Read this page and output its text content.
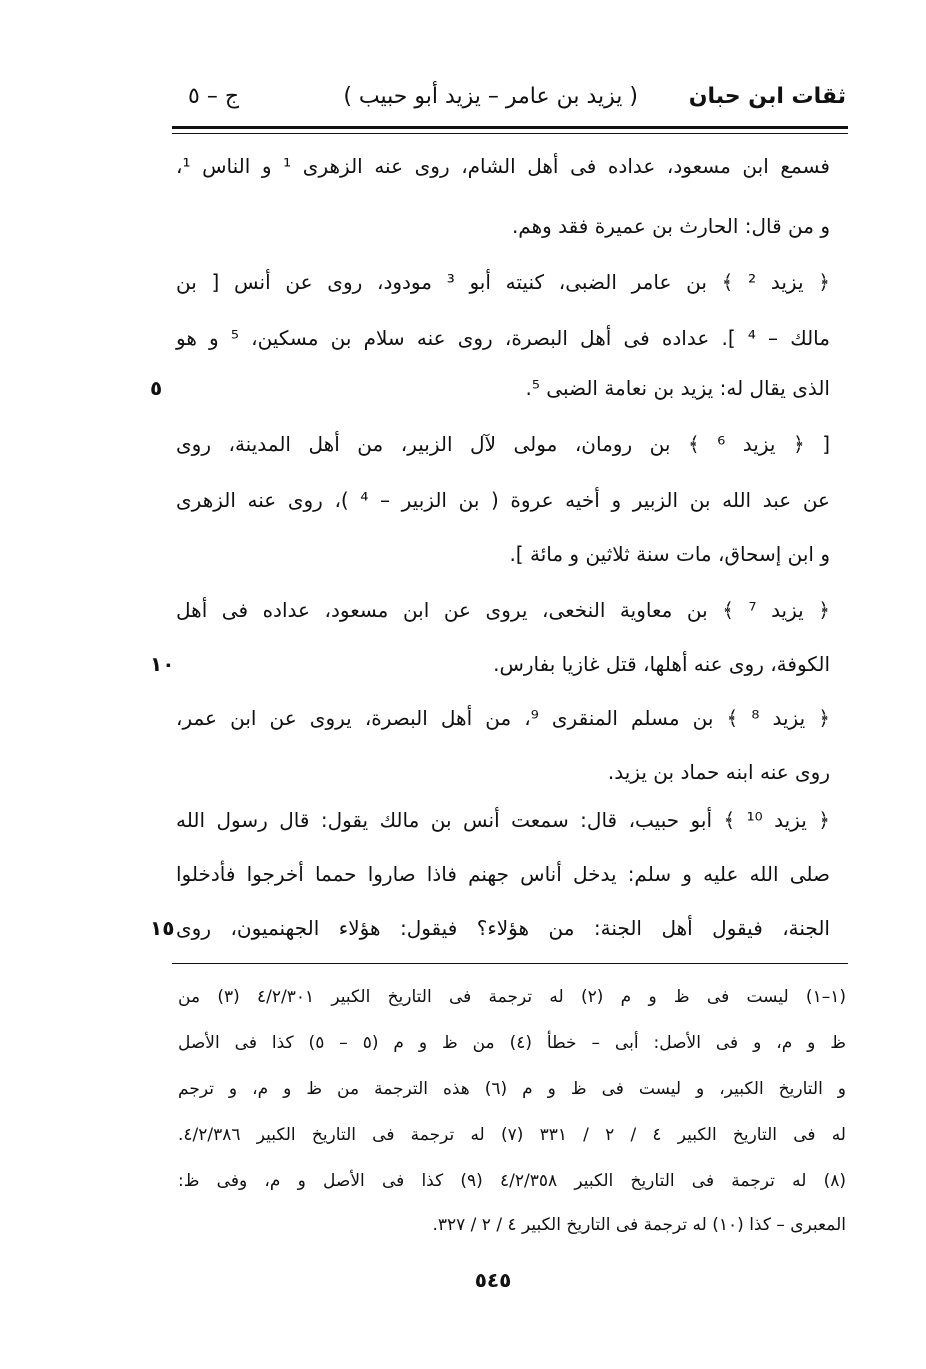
ثقات ابن حبان
( يزيد بن عامر – يزيد أبو حبيب )
ج – ٥
فسمع ابن مسعود، عداده فى أهل الشام، روى عنه الزهرى ¹ و الناس ¹،
و من قال: الحارث بن عميرة فقد وهم.
﴿ يزيد ² ﴾ بن عامر الضبى، كنيته أبو ³ مودود، روى عن أنس [ بن
مالك – ⁴ ]. عداده فى أهل البصرة، روى عنه سلام بن مسكين، ⁵ و هو
الذى يقال له: يزيد بن نعامة الضبى ⁵.
[ ﴿ يزيد ⁶ ﴾ بن رومان، مولى لآل الزبير، من أهل المدينة، روى
عن عبد الله بن الزبير و أخيه عروة ( بن الزبير – ⁴ )، روى عنه الزهرى
و ابن إسحاق، مات سنة ثلاثين و مائة ].
﴿ يزيد ⁷ ﴾ بن معاوية النخعى، يروى عن ابن مسعود، عداده فى أهل
الكوفة، روى عنه أهلها، قتل غازيا بفارس.
﴿ يزيد ⁸ ﴾ بن مسلم المنقرى ⁹، من أهل البصرة، يروى عن ابن عمر،
روى عنه ابنه حماد بن يزيد.
﴿ يزيد ¹⁰ ﴾ أبو حبيب، قال: سمعت أنس بن مالك يقول: قال رسول الله
صلى الله عليه و سلم: يدخل أناس جهنم فاذا صاروا حمما أخرجوا فأدخلوا
الجنة، فيقول أهل الجنة: من هؤلاء؟ فيقول: هؤلاء الجهنميون، روى
٥
١٠
١٥
(١–١) ليست فى ظ و م (٢) له ترجمة فى التاريخ الكبير ٤/٢/٣٠١ (٣) من
ظ و م، و فى الأصل: أبى – خطأ (٤) من ظ و م (٥ – ٥) كذا فى الأصل
و التاريخ الكبير، و ليست فى ظ و م (٦) هذه الترجمة من ظ و م، و ترجم
له فى التاريخ الكبير ٤ / ٢ / ٣٣١ (٧) له ترجمة فى التاريخ الكبير ٤/٢/٣٨٦.
(٨) له ترجمة فى التاريخ الكبير ٤/٢/٣٥٨ (٩) كذا فى الأصل و م، وفى ظ:
المعبرى – كذا (١٠) له ترجمة فى التاريخ الكبير ٤ / ٢ / ٣٢٧.
٥٤٥
